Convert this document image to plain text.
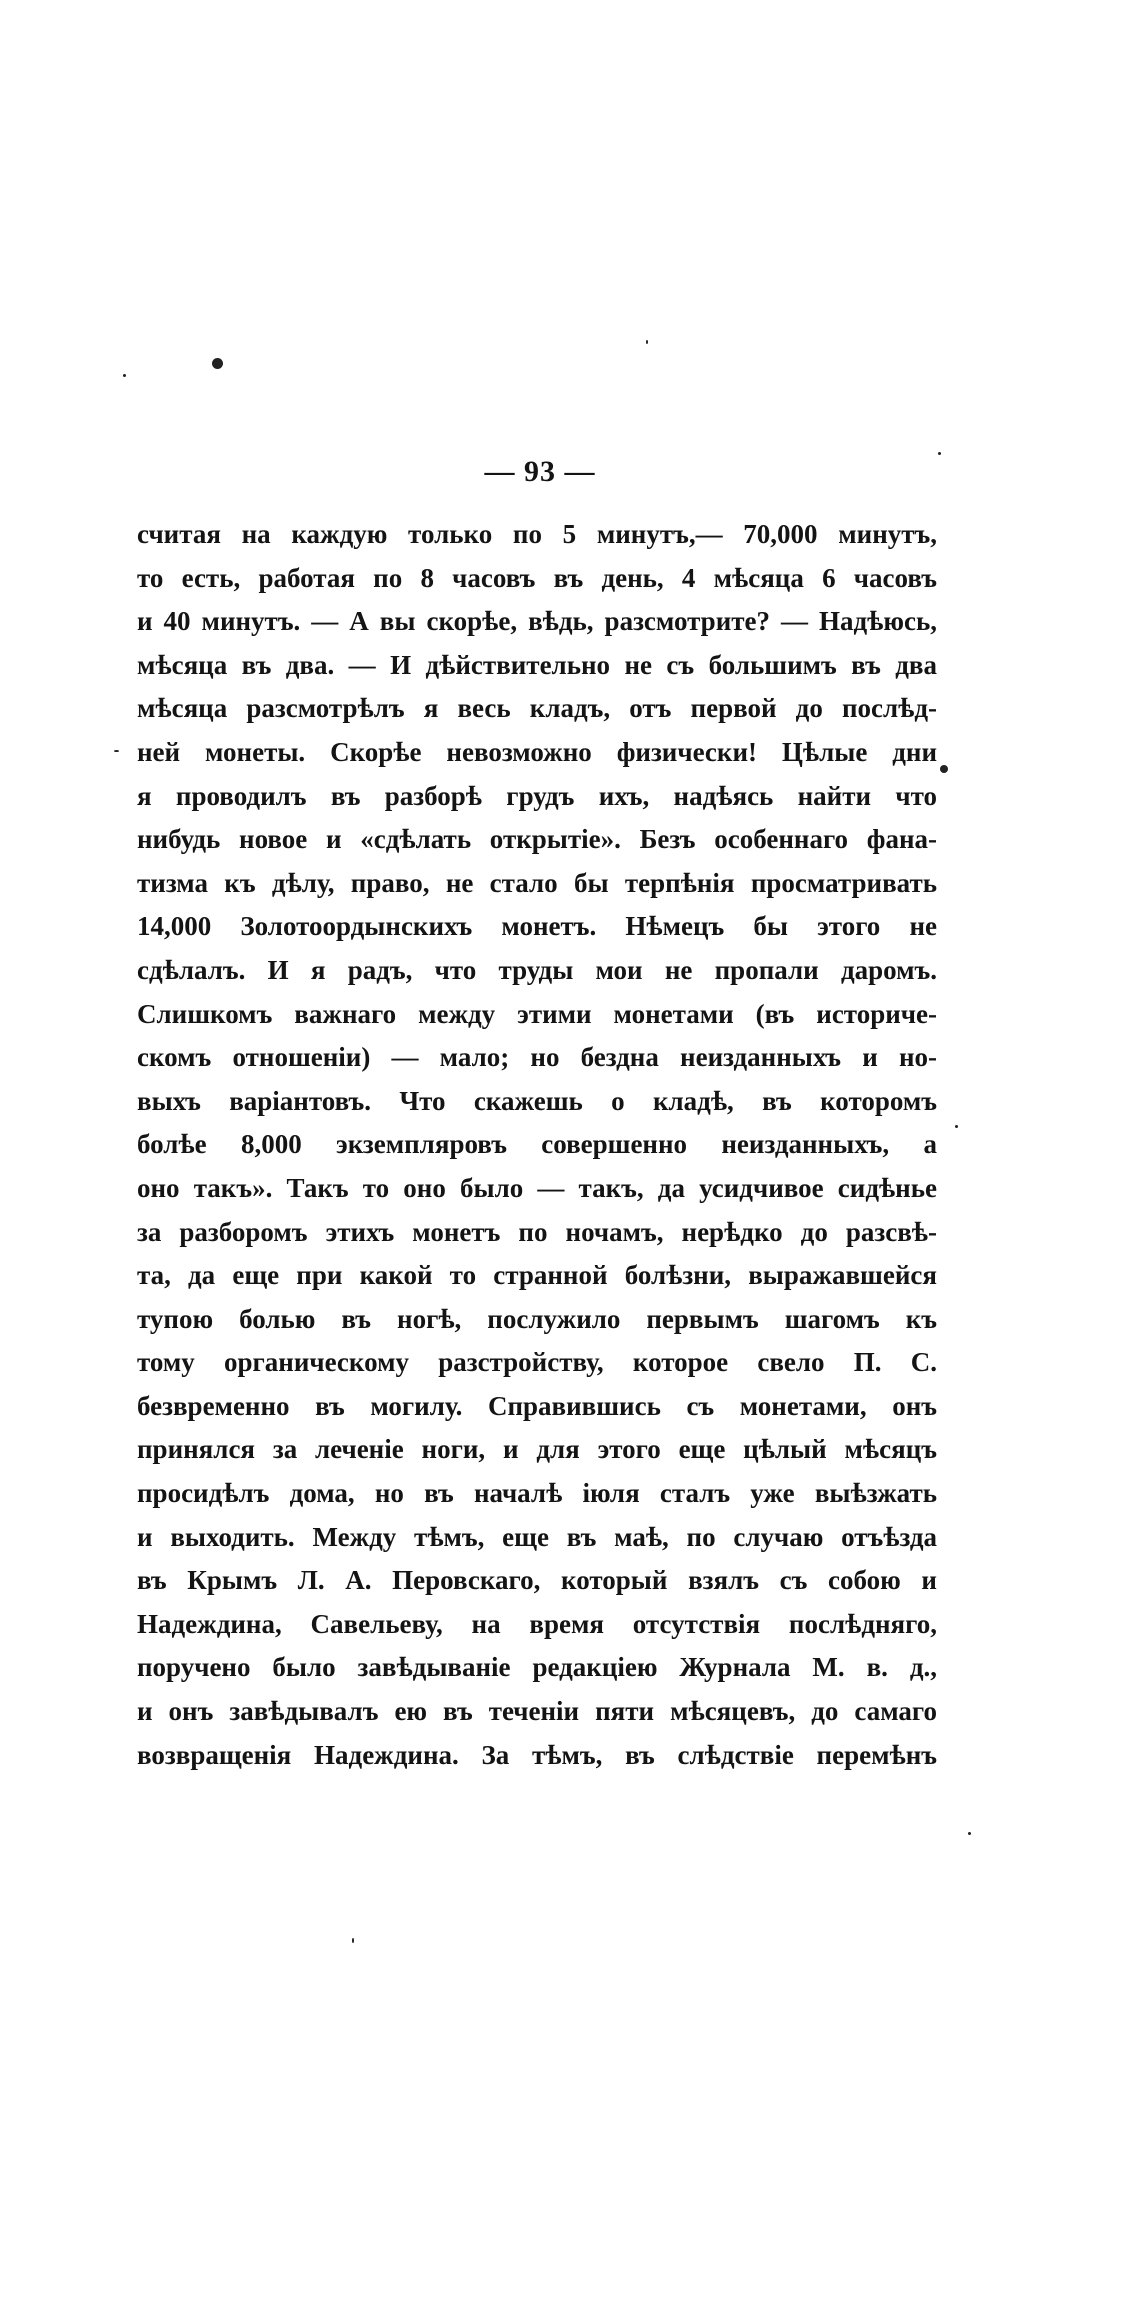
— 93 —
считая на каждую только по 5 минутъ,— 70,000 минутъ,
то есть, работая по 8 часовъ въ день, 4 мѣсяца 6 часовъ
и 40 минутъ. — А вы скорѣе, вѣдь, разсмотрите? — Надѣюсь,
мѣсяца въ два. — И дѣйствительно не съ большимъ въ два
мѣсяца разсмотрѣлъ я весь кладъ, отъ первой до послѣд-
ней монеты. Скорѣе невозможно физически! Цѣлые дни
я проводилъ въ разборѣ грудъ ихъ, надѣясь найти что
нибудь новое и «сдѣлать открытіе». Безъ особеннаго фана-
тизма къ дѣлу, право, не стало бы терпѣнія просматривать
14,000 Золотоордынскихъ монетъ. Нѣмецъ бы этого не
сдѣлалъ. И я радъ, что труды мои не пропали даромъ.
Слишкомъ важнаго между этими монетами (въ историче-
скомъ отношеніи) — мало; но бездна неизданныхъ и но-
выхъ варіантовъ. Что скажешь о кладѣ, въ которомъ
болѣе 8,000 экземпляровъ совершенно неизданныхъ, а
оно такъ». Такъ то оно было — такъ, да усидчивое сидѣнье
за разборомъ этихъ монетъ по ночамъ, нерѣдко до разсвѣ-
та, да еще при какой то странной болѣзни, выражавшейся
тупою болью въ ногѣ, послужило первымъ шагомъ къ
тому органическому разстройству, которое свело П. С.
безвременно въ могилу. Справившись съ монетами, онъ
принялся за леченіе ноги, и для этого еще цѣлый мѣсяцъ
просидѣлъ дома, но въ началѣ іюля сталъ уже выѣзжать
и выходить. Между тѣмъ, еще въ маѣ, по случаю отъѣзда
въ Крымъ Л. А. Перовскаго, который взялъ съ собою и
Надеждина, Савельеву, на время отсутствія послѣдняго,
поручено было завѣдываніе редакціею Журнала М. в. д.,
и онъ завѣдывалъ ею въ теченіи пяти мѣсяцевъ, до самаго
возвращенія Надеждина. За тѣмъ, въ слѣдствіе перемѣнъ
